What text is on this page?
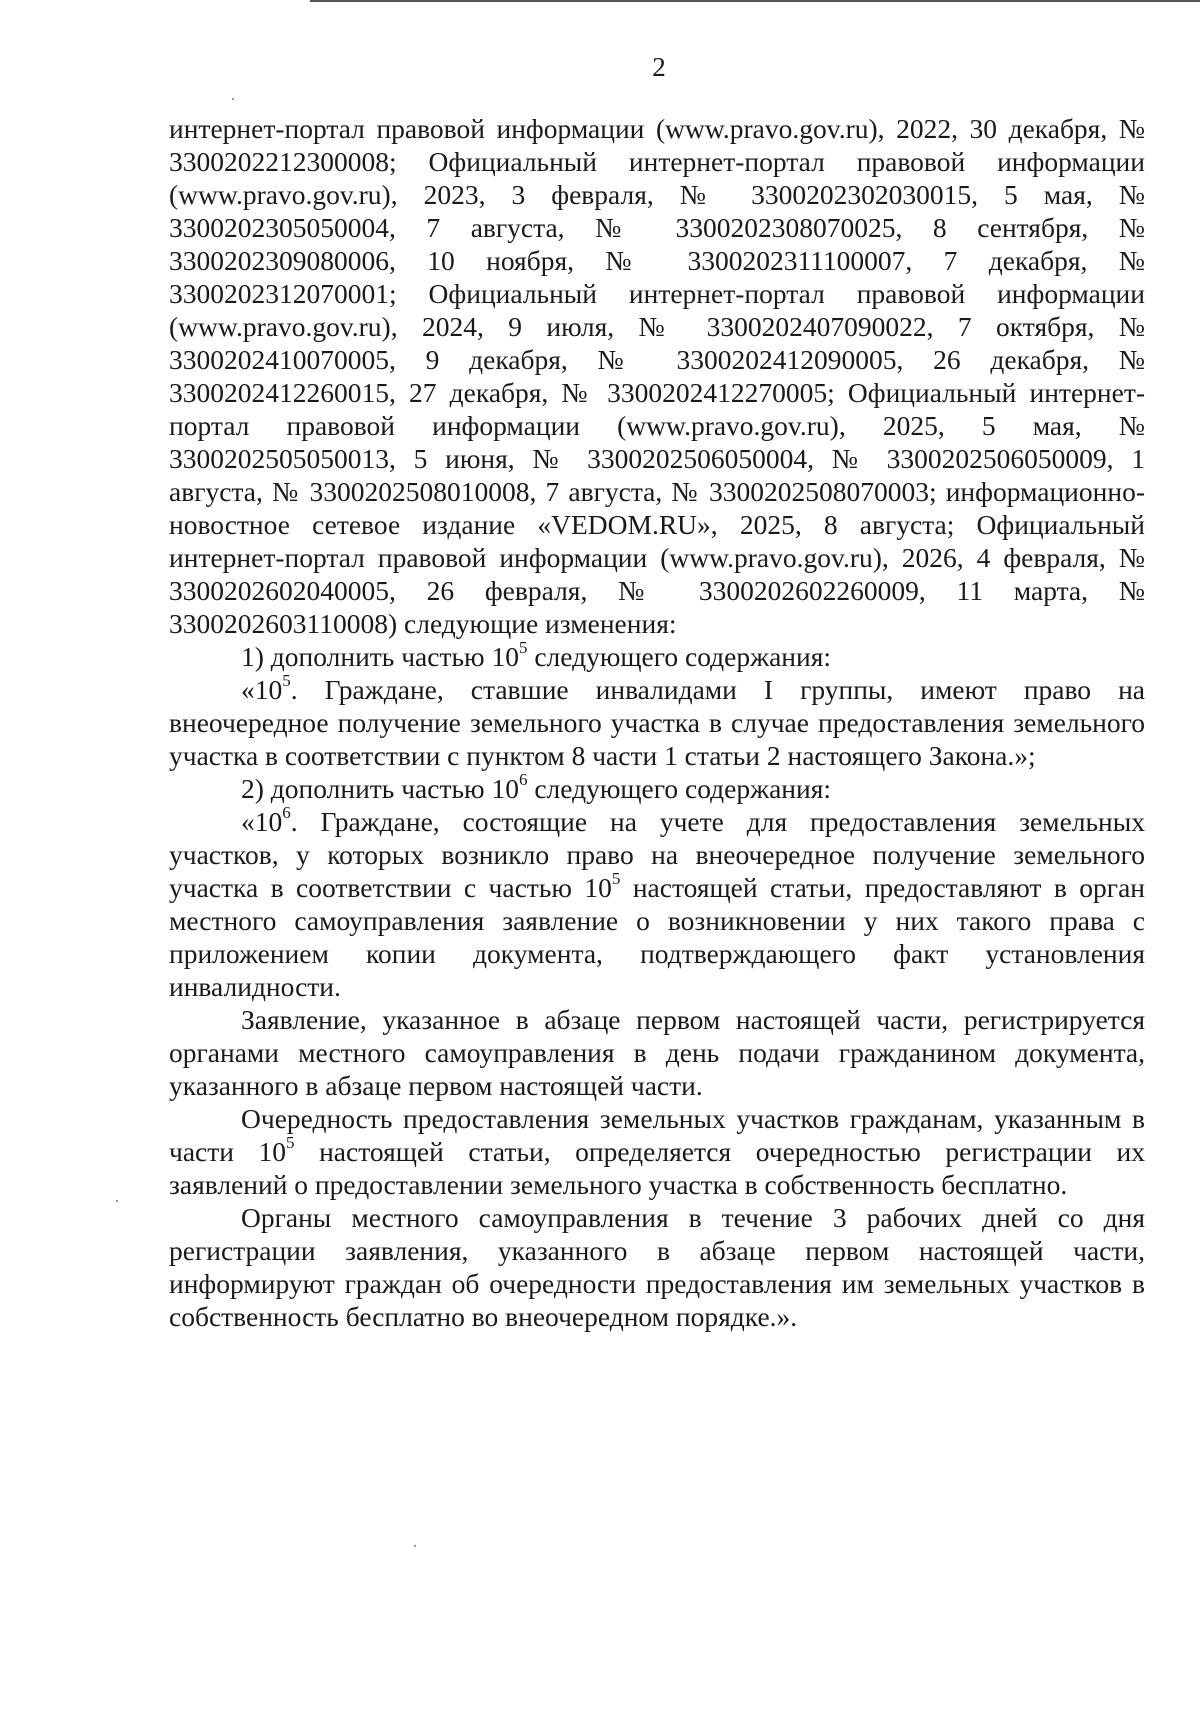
2

интернет-портал правовой информации (www.pravo.gov.ru), 2022, 30 декабря, № 3300202212300008; Официальный интернет-портал правовой информации (www.pravo.gov.ru), 2023, 3 февраля, № 3300202302030015, 5 мая, № 3300202305050004, 7 августа, № 3300202308070025, 8 сентября, № 3300202309080006, 10 ноября, № 3300202311100007, 7 декабря, № 3300202312070001; Официальный интернет-портал правовой информации (www.pravo.gov.ru), 2024, 9 июля, № 3300202407090022, 7 октября, № 3300202410070005, 9 декабря, № 3300202412090005, 26 декабря, № 3300202412260015, 27 декабря, № 3300202412270005; Официальный интернет-портал правовой информации (www.pravo.gov.ru), 2025, 5 мая, № 3300202505050013, 5 июня, № 3300202506050004, № 3300202506050009, 1 августа, № 3300202508010008, 7 августа, № 3300202508070003; информационно-новостное сетевое издание «VEDOM.RU», 2025, 8 августа; Официальный интернет-портал правовой информации (www.pravo.gov.ru), 2026, 4 февраля, № 3300202602040005, 26 февраля, № 3300202602260009, 11 марта, № 3300202603110008) следующие изменения:

1) дополнить частью $10^5$ следующего содержания:

«$10^5$. Граждане, ставшие инвалидами I группы, имеют право на внеочередное получение земельного участка в случае предоставления земельного участка в соответствии с пунктом 8 части 1 статьи 2 настоящего Закона.»;

2) дополнить частью $10^6$ следующего содержания:

«$10^6$. Граждане, состоящие на учете для предоставления земельных участков, у которых возникло право на внеочередное получение земельного участка в соответствии с частью $10^5$ настоящей статьи, предоставляют в орган местного самоуправления заявление о возникновении у них такого права с приложением копии документа, подтверждающего факт установления инвалидности.

Заявление, указанное в абзаце первом настоящей части, регистрируется органами местного самоуправления в день подачи гражданином документа, указанного в абзаце первом настоящей части.

Очередность предоставления земельных участков гражданам, указанным в части $10^5$ настоящей статьи, определяется очередностью регистрации их заявлений о предоставлении земельного участка в собственность бесплатно.

Органы местного самоуправления в течение 3 рабочих дней со дня регистрации заявления, указанного в абзаце первом настоящей части, информируют граждан об очередности предоставления им земельных участков в собственность бесплатно во внеочередном порядке.».
